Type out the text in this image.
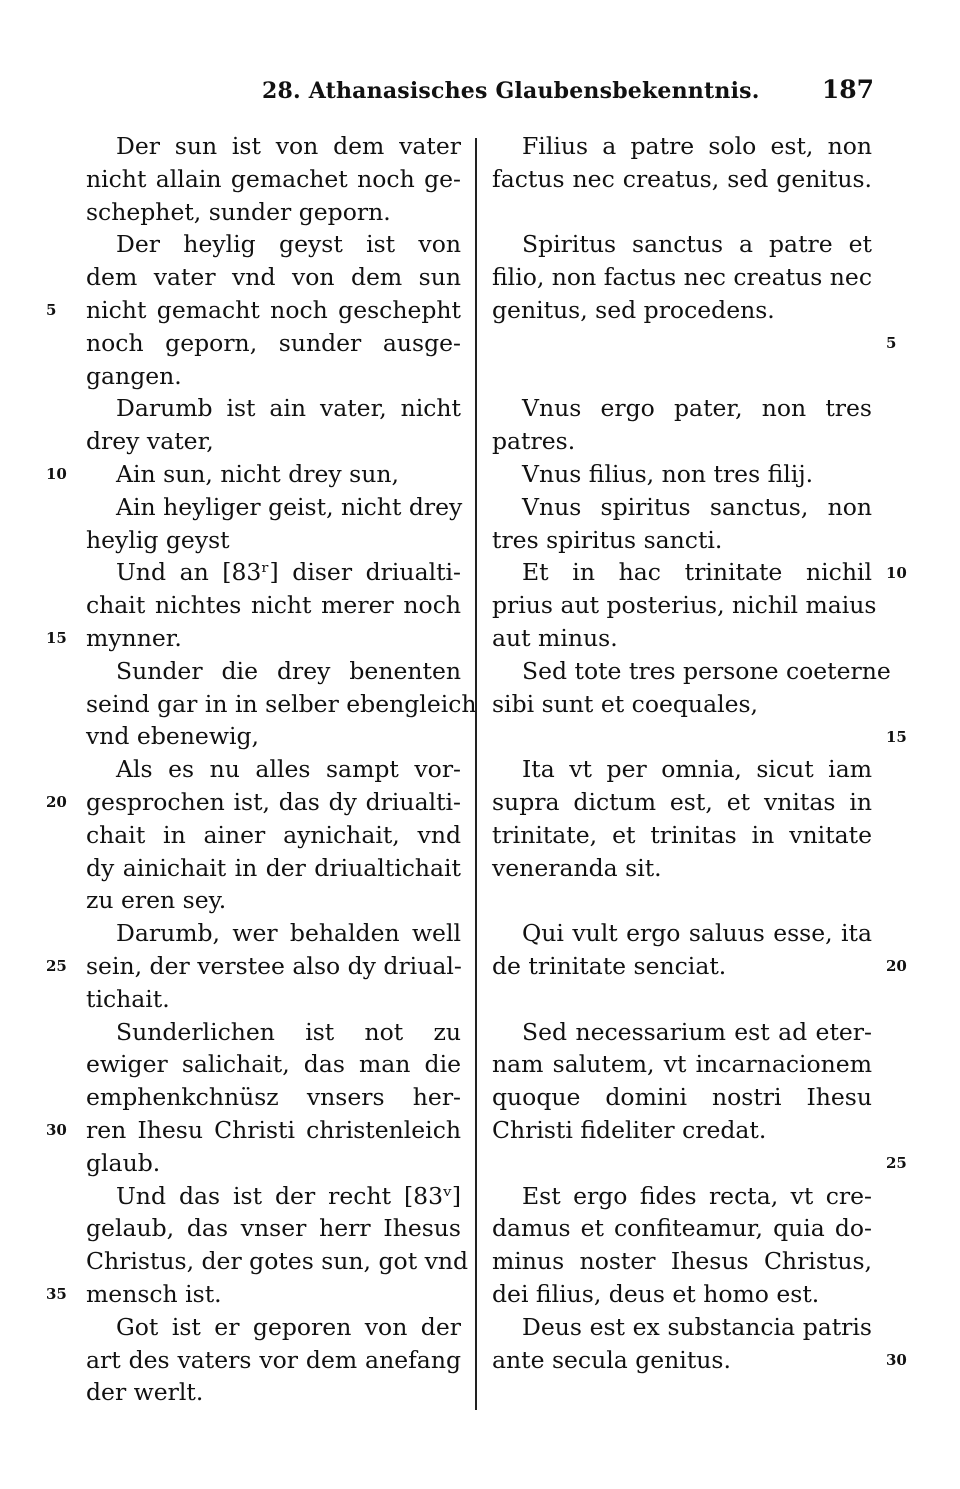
28. Athanasisches Glaubensbekenntnis. 187
Der sun ist von dem vater
nicht allain gemachet noch ge-
schephet, sunder geporn.
Der heylig geyst ist von
dem vater vnd von dem sun
5 nicht gemacht noch geschepht
noch geporn, sunder ausge-
gangen.
Darumb ist ain vater, nicht
drey vater,
10	Ain sun, nicht drey sun,
Ain heyliger geist, nicht drey
heylig geyst
Und an [83ʳ] diser driualti-
chait nichtes nicht merer noch
15 mynner.
Sunder die drey benenten
seind gar in in selber ebengleich
vnd ebenewig,
Als es nu alles sampt vor-
20 gesprochen ist, das dy driualti-
chait in ainer aynichait, vnd
dy ainichait in der driualtichait
zu eren sey.
Darumb, wer behalden well
25 sein, der verstee also dy driual-
tichait.
Sunderlichen ist not zu
ewiger salichait, das man die
emphenkchnüsz vnsers her-
30 ren Ihesu Christi christenleich
glaub.
Und das ist der recht [83ᵛ]
gelaub, das vnser herr Ihesus
Christus, der gotes sun, got vnd
35 mensch ist.
Got ist er geporen von der
art des vaters vor dem anefang
der werlt.
Filius a patre solo est, non
factus nec creatus, sed genitus.
Spiritus sanctus a patre et
filio, non factus nec creatus nec
genitus, sed procedens.
5
Vnus ergo pater, non tres
patres.
Vnus filius, non tres filij.
Vnus spiritus sanctus, non
tres spiritus sancti.
10
Et in hac trinitate nichil
prius aut posterius, nichil maius
aut minus.
Sed tote tres persone coeterne
sibi sunt et coequales,
15
Ita vt per omnia, sicut iam
supra dictum est, et vnitas in
trinitate, et trinitas in vnitate
veneranda sit.
Qui vult ergo saluus esse, ita
20
de trinitate senciat.
Sed necessarium est ad eter-
nam salutem, vt incarnacionem
quoque domini nostri Ihesu
Christi fideliter credat.
25
Est ergo fides recta, vt cre-
damus et confiteamur, quia do-
minus noster Ihesus Christus,
dei filius, deus et homo est.
Deus est ex substancia patris
30
ante secula genitus.
